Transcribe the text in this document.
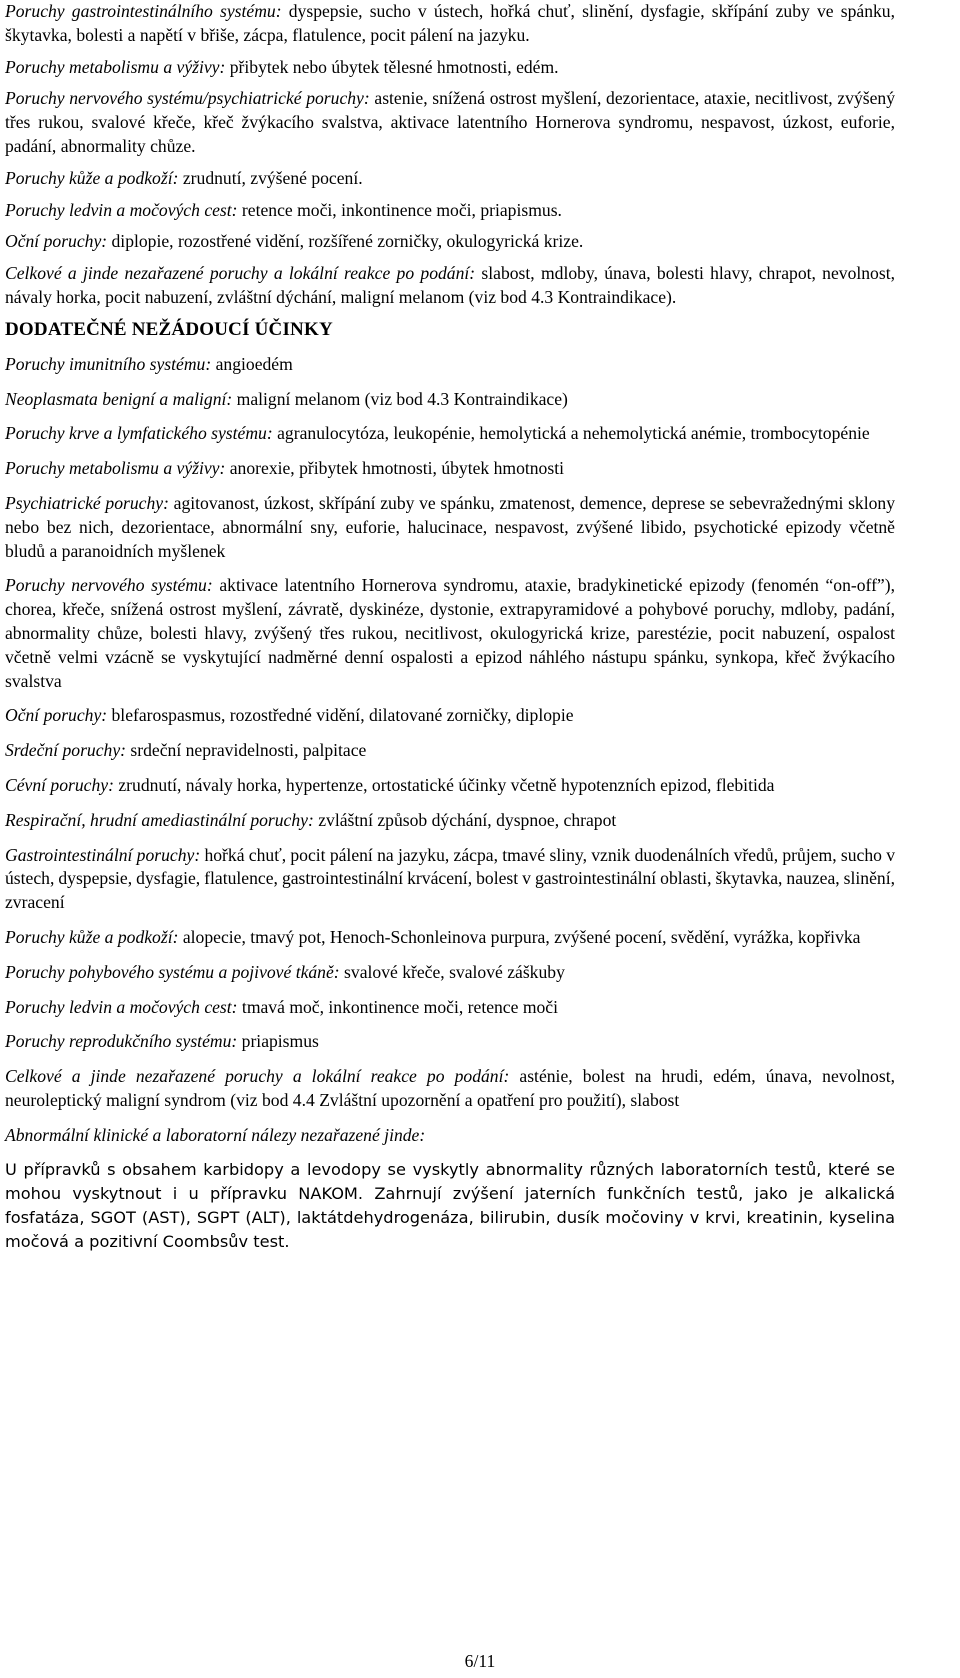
Poruchy gastrointestinálního systému: dyspepsie, sucho v ústech, hořká chuť, slinění, dysfagie, skřípání zuby ve spánku, škytavka, bolesti a napětí v břiše, zácpa, flatulence, pocit pálení na jazyku.

Poruchy metabolismu a výživy: přibytek nebo úbytek tělesné hmotnosti, edém.

Poruchy nervového systému/psychiatrické poruchy: astenie, snížená ostrost myšlení, dezorientace, ataxie, necitlivost, zvýšený třes rukou, svalové křeče, křeč žvýkacího svalstva, aktivace latentního Hornerova syndromu, nespavost, úzkost, euforie, padání, abnormality chůze.

Poruchy kůže a podkoží: zrudnutí, zvýšené pocení.

Poruchy ledvin a močových cest: retence moči, inkontinence moči, priapismus.

Oční poruchy: diplopie, rozostřené vidění, rozšířené zorničky, okulogyrická krize.

Celkové a jinde nezařazené poruchy a lokální reakce po podání: slabost, mdloby, únava, bolesti hlavy, chrapot, nevolnost, návaly horka, pocit nabuzení, zvláštní dýchání, maligní melanom (viz bod 4.3 Kontraindikace).

DODATEČNÉ NEŽÁDOUCÍ ÚČINKY

Poruchy imunitního systému: angioedém

Neoplasmata benigní a maligní: maligní melanom (viz bod 4.3 Kontraindikace)

Poruchy krve a lymfatického systému: agranulocytóza, leukopénie, hemolytická a nehemolytická anémie, trombocytopénie

Poruchy metabolismu a výživy: anorexie, přibytek hmotnosti, úbytek hmotnosti

Psychiatrické poruchy: agitovanost, úzkost, skřípání zuby ve spánku, zmatenost, demence, deprese se sebevražednými sklony nebo bez nich, dezorientace, abnormální sny, euforie, halucinace, nespavost, zvýšené libido, psychotické epizody včetně bludů a paranoidních myšlenek

Poruchy nervového systému: aktivace latentního Hornerova syndromu, ataxie, bradykinetické epizody (fenomén “on-off”), chorea, křeče, snížená ostrost myšlení, závratě, dyskinéze, dystonie, extrapyramidové a pohybové poruchy, mdloby, padání, abnormality chůze, bolesti hlavy, zvýšený třes rukou, necitlivost, okulogyrická krize, parestézie, pocit nabuzení, ospalost včetně velmi vzácně se vyskytující nadměrné denní ospalosti a epizod náhlého nástupu spánku, synkopa, křeč žvýkacího svalstva

Oční poruchy: blefarospasmus, rozostředné vidění, dilatované zorničky, diplopie

Srdeční poruchy: srdeční nepravidelnosti, palpitace

Cévní poruchy: zrudnutí, návaly horka, hypertenze, ortostatické účinky včetně hypotenzních epizod, flebitida

Respirační, hrudní amediastinální poruchy: zvláštní způsob dýchání, dyspnoe, chrapot

Gastrointestinální poruchy: hořká chuť, pocit pálení na jazyku, zácpa, tmavé sliny, vznik duodenálních vředů, průjem, sucho v ústech, dyspepsie, dysfagie, flatulence, gastrointestinální krvácení, bolest v gastrointestinální oblasti, škytavka, nauzea, slinění, zvracení

Poruchy kůže a podkoží: alopecie, tmavý pot, Henoch-Schonleinova purpura, zvýšené pocení, svědění, vyrážka, kopřivka

Poruchy pohybového systému a pojivové tkáně: svalové křeče, svalové záškuby

Poruchy ledvin a močových cest: tmavá moč, inkontinence moči, retence moči

Poruchy reprodukčního systému: priapismus

Celkové a jinde nezařazené poruchy a lokální reakce po podání: asténie, bolest na hrudi, edém, únava, nevolnost, neuroleptický maligní syndrom (viz bod 4.4 Zvláštní upozornění a opatření pro použití), slabost

Abnormální klinické a laboratorní nálezy nezařazené jinde:

U přípravků s obsahem karbidopy a levodopy se vyskytly abnormality různých laboratorních testů, které se mohou vyskytnout i u přípravku NAKOM. Zahrnují zvýšení jaterních funkčních testů, jako je alkalická fosfatáza, SGOT (AST), SGPT (ALT), laktátdehydrogenáza, bilirubin, dusík močoviny v krvi, kreatinin, kyselina močová a pozitivní Coombsův test.

6/11
